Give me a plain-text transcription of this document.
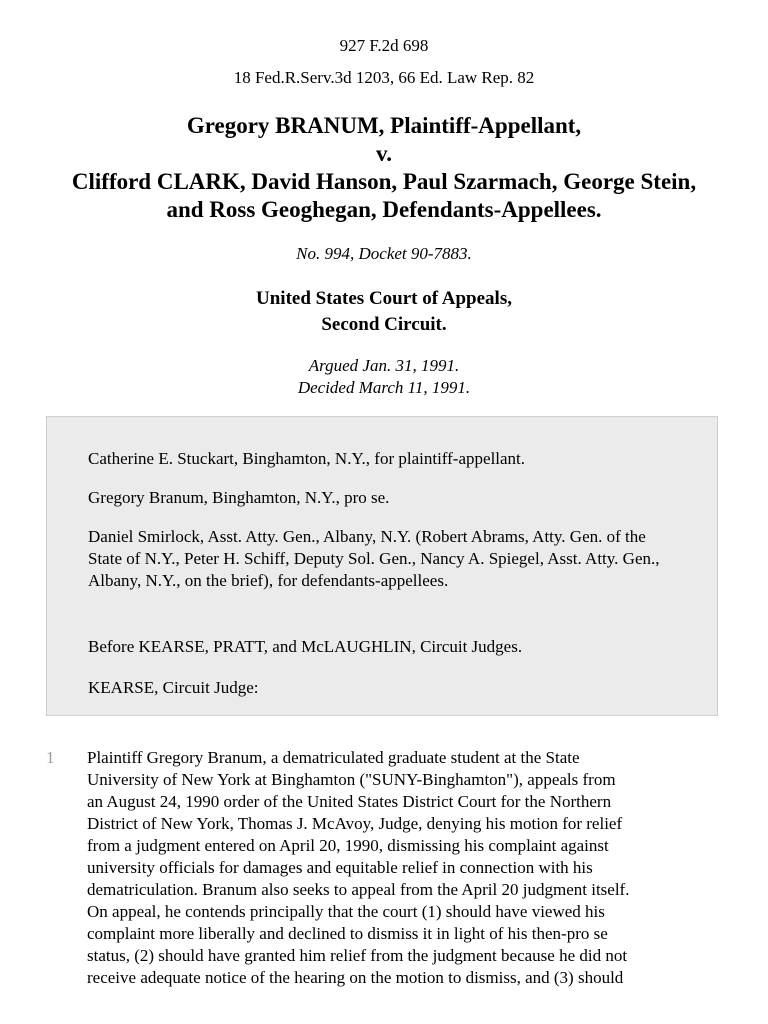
927 F.2d 698
18 Fed.R.Serv.3d 1203, 66 Ed. Law Rep. 82
Gregory BRANUM, Plaintiff-Appellant,
v.
Clifford CLARK, David Hanson, Paul Szarmach, George Stein,
and Ross Geoghegan, Defendants-Appellees.
No. 994, Docket 90-7883.
United States Court of Appeals,
Second Circuit.
Argued Jan. 31, 1991.
Decided March 11, 1991.

Catherine E. Stuckart, Binghamton, N.Y., for plaintiff-appellant.

Gregory Branum, Binghamton, N.Y., pro se.

Daniel Smirlock, Asst. Atty. Gen., Albany, N.Y. (Robert Abrams, Atty. Gen. of the State of N.Y., Peter H. Schiff, Deputy Sol. Gen., Nancy A. Spiegel, Asst. Atty. Gen., Albany, N.Y., on the brief), for defendants-appellees.

Before KEARSE, PRATT, and McLAUGHLIN, Circuit Judges.

KEARSE, Circuit Judge:

1 Plaintiff Gregory Branum, a dematriculated graduate student at the State
University of New York at Binghamton ("SUNY-Binghamton"), appeals from
an August 24, 1990 order of the United States District Court for the Northern
District of New York, Thomas J. McAvoy, Judge, denying his motion for relief
from a judgment entered on April 20, 1990, dismissing his complaint against
university officials for damages and equitable relief in connection with his
dematriculation. Branum also seeks to appeal from the April 20 judgment itself.
On appeal, he contends principally that the court (1) should have viewed his
complaint more liberally and declined to dismiss it in light of his then-pro se
status, (2) should have granted him relief from the judgment because he did not
receive adequate notice of the hearing on the motion to dismiss, and (3) should
